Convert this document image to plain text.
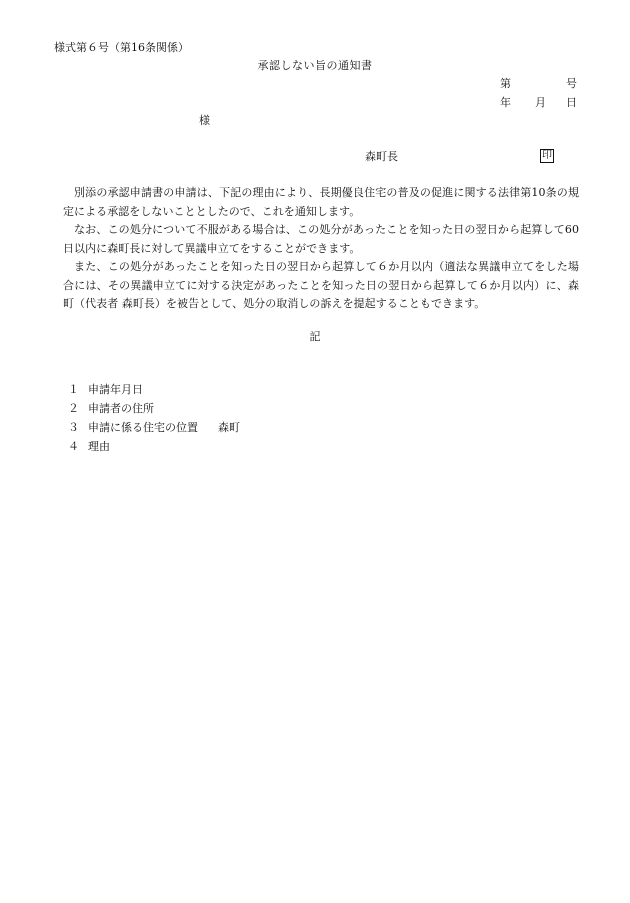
様式第６号（第16条関係）
承認しない旨の通知書
第	号
年 月 日
様
森町長	印

別添の承認申請書の申請は、下記の理由により、長期優良住宅の普及の促進に関する法律第10条の規定による承認をしないこととしたので、これを通知します。

なお、この処分について不服がある場合は、この処分があったことを知った日の翌日から起算して60日以内に森町長に対して異議申立てをすることができます。

また、この処分があったことを知った日の翌日から起算して６か月以内（適法な異議申立てをした場合には、その異議申立てに対する決定があったことを知った日の翌日から起算して６か月以内）に、森町（代表者 森町長）を被告として、処分の取消しの訴えを提起することもできます。

記
１ 申請年月日
２ 申請者の住所
３ 申請に係る住宅の位置 森町
４ 理由
